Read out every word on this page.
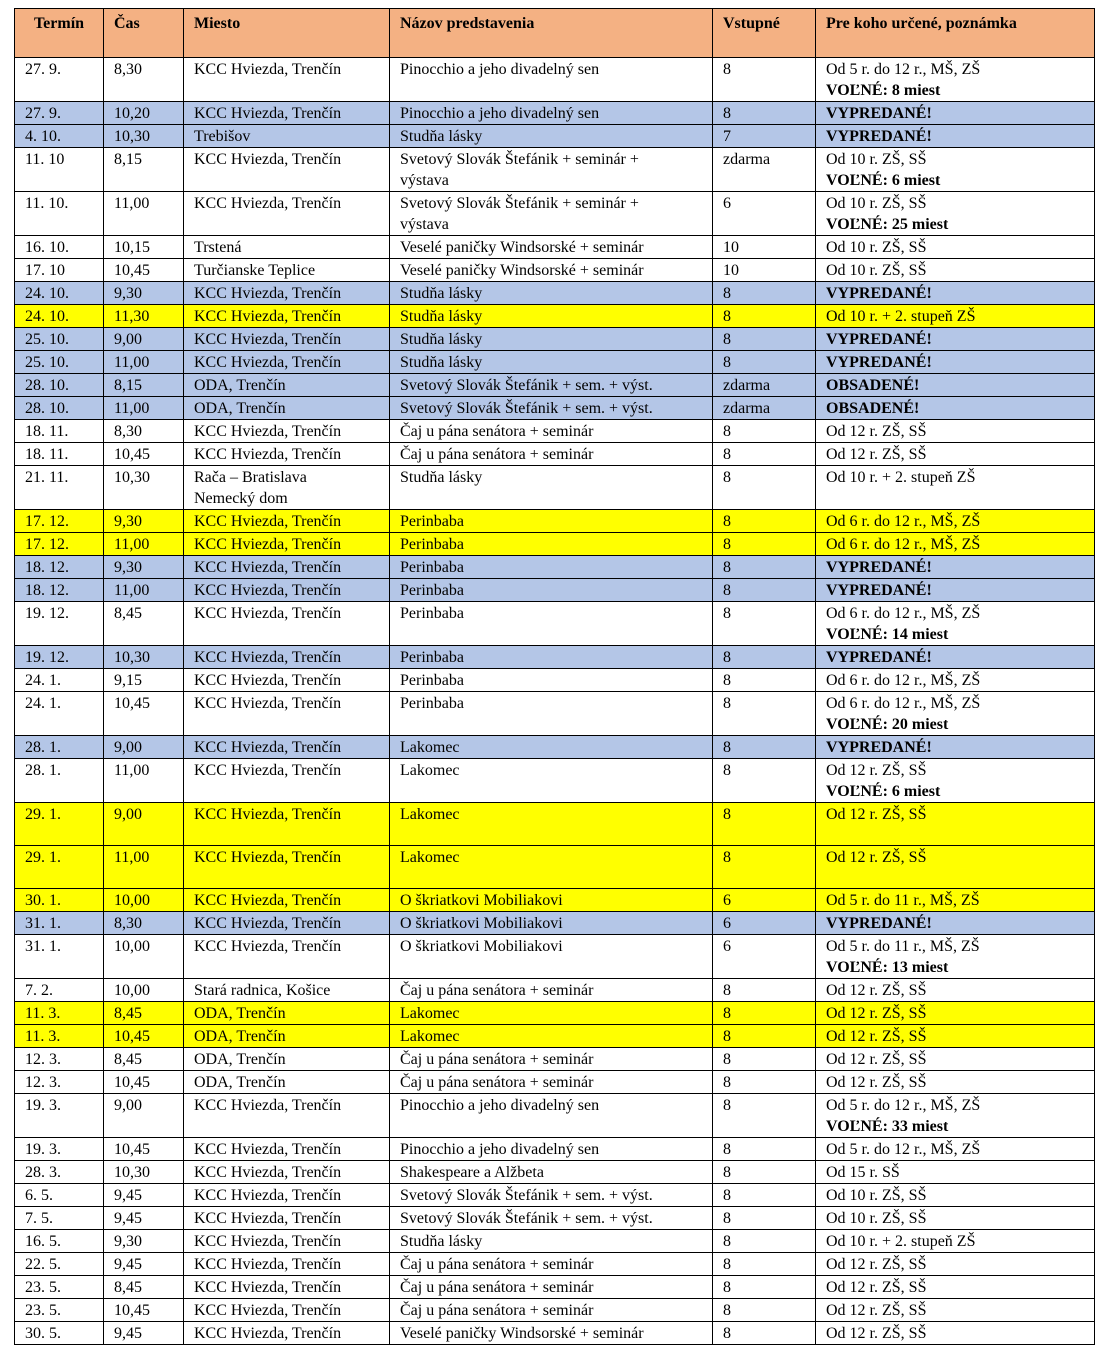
Termín	Čas	Miesto	Názov predstavenia	Vstupné	Pre koho určené, poznámka

27. 9.	8,30	KCC Hviezda, Trenčín	Pinocchio a jeho divadelný sen	8	Od 5 r. do 12 r., MŠ, ZŠ
VOĽNÉ: 8 miest

27. 9.	10,20	KCC Hviezda, Trenčín	Pinocchio a jeho divadelný sen	8	VYPREDANÉ!

4. 10.	10,30	Trebišov	Studňa lásky	7	VYPREDANÉ!

11. 10	8,15	KCC Hviezda, Trenčín	Svetový Slovák Štefánik + seminár +
výstava	zdarma	Od 10 r. ZŠ, SŠ
VOĽNÉ: 6 miest

11. 10.	11,00	KCC Hviezda, Trenčín	Svetový Slovák Štefánik + seminár +
výstava	6	Od 10 r. ZŠ, SŠ
VOĽNÉ: 25 miest

16. 10.	10,15	Trstená	Veselé paničky Windsorské + seminár	10	Od 10 r. ZŠ, SŠ

17. 10	10,45	Turčianske Teplice	Veselé paničky Windsorské + seminár	10	Od 10 r. ZŠ, SŠ

24. 10.	9,30	KCC Hviezda, Trenčín	Studňa lásky	8	VYPREDANÉ!

24. 10.	11,30	KCC Hviezda, Trenčín	Studňa lásky	8	Od 10 r. + 2. stupeň ZŠ

25. 10.	9,00	KCC Hviezda, Trenčín	Studňa lásky	8	VYPREDANÉ!

25. 10.	11,00	KCC Hviezda, Trenčín	Studňa lásky	8	VYPREDANÉ!

28. 10.	8,15	ODA, Trenčín	Svetový Slovák Štefánik + sem. + výst.	zdarma	OBSADENÉ!

28. 10.	11,00	ODA, Trenčín	Svetový Slovák Štefánik + sem. + výst.	zdarma	OBSADENÉ!

18. 11.	8,30	KCC Hviezda, Trenčín	Čaj u pána senátora + seminár	8	Od 12 r. ZŠ, SŠ

18. 11.	10,45	KCC Hviezda, Trenčín	Čaj u pána senátora + seminár	8	Od 12 r. ZŠ, SŠ

21. 11.	10,30	Rača – Bratislava
Nemecký dom	Studňa lásky	8	Od 10 r. + 2. stupeň ZŠ

17. 12.	9,30	KCC Hviezda, Trenčín	Perinbaba	8	Od 6 r. do 12 r., MŠ, ZŠ

17. 12.	11,00	KCC Hviezda, Trenčín	Perinbaba	8	Od 6 r. do 12 r., MŠ, ZŠ

18. 12.	9,30	KCC Hviezda, Trenčín	Perinbaba	8	VYPREDANÉ!

18. 12.	11,00	KCC Hviezda, Trenčín	Perinbaba	8	VYPREDANÉ!

19. 12.	8,45	KCC Hviezda, Trenčín	Perinbaba	8	Od 6 r. do 12 r., MŠ, ZŠ
VOĽNÉ: 14 miest

19. 12.	10,30	KCC Hviezda, Trenčín	Perinbaba	8	VYPREDANÉ!

24. 1.	9,15	KCC Hviezda, Trenčín	Perinbaba	8	Od 6 r. do 12 r., MŠ, ZŠ

24. 1.	10,45	KCC Hviezda, Trenčín	Perinbaba	8	Od 6 r. do 12 r., MŠ, ZŠ
VOĽNÉ: 20 miest

28. 1.	9,00	KCC Hviezda, Trenčín	Lakomec	8	VYPREDANÉ!

28. 1.	11,00	KCC Hviezda, Trenčín	Lakomec	8	Od 12 r. ZŠ, SŠ
VOĽNÉ: 6 miest

29. 1.	9,00	KCC Hviezda, Trenčín	Lakomec	8	Od 12 r. ZŠ, SŠ

29. 1.	11,00	KCC Hviezda, Trenčín	Lakomec	8	Od 12 r. ZŠ, SŠ

30. 1.	10,00	KCC Hviezda, Trenčín	O škriatkovi Mobiliakovi	6	Od 5 r. do 11 r., MŠ, ZŠ

31. 1.	8,30	KCC Hviezda, Trenčín	O škriatkovi Mobiliakovi	6	VYPREDANÉ!

31. 1.	10,00	KCC Hviezda, Trenčín	O škriatkovi Mobiliakovi	6	Od 5 r. do 11 r., MŠ, ZŠ
VOĽNÉ: 13 miest

7. 2.	10,00	Stará radnica, Košice	Čaj u pána senátora + seminár	8	Od 12 r. ZŠ, SŠ

11. 3.	8,45	ODA, Trenčín	Lakomec	8	Od 12 r. ZŠ, SŠ

11. 3.	10,45	ODA, Trenčín	Lakomec	8	Od 12 r. ZŠ, SŠ

12. 3.	8,45	ODA, Trenčín	Čaj u pána senátora + seminár	8	Od 12 r. ZŠ, SŠ

12. 3.	10,45	ODA, Trenčín	Čaj u pána senátora + seminár	8	Od 12 r. ZŠ, SŠ

19. 3.	9,00	KCC Hviezda, Trenčín	Pinocchio a jeho divadelný sen	8	Od 5 r. do 12 r., MŠ, ZŠ
VOĽNÉ: 33 miest

19. 3.	10,45	KCC Hviezda, Trenčín	Pinocchio a jeho divadelný sen	8	Od 5 r. do 12 r., MŠ, ZŠ

28. 3.	10,30	KCC Hviezda, Trenčín	Shakespeare a Alžbeta	8	Od 15 r. SŠ

6. 5.	9,45	KCC Hviezda, Trenčín	Svetový Slovák Štefánik + sem. + výst.	8	Od 10 r. ZŠ, SŠ

7. 5.	9,45	KCC Hviezda, Trenčín	Svetový Slovák Štefánik + sem. + výst.	8	Od 10 r. ZŠ, SŠ

16. 5.	9,30	KCC Hviezda, Trenčín	Studňa lásky	8	Od 10 r. + 2. stupeň ZŠ

22. 5.	9,45	KCC Hviezda, Trenčín	Čaj u pána senátora + seminár	8	Od 12 r. ZŠ, SŠ

23. 5.	8,45	KCC Hviezda, Trenčín	Čaj u pána senátora + seminár	8	Od 12 r. ZŠ, SŠ

23. 5.	10,45	KCC Hviezda, Trenčín	Čaj u pána senátora + seminár	8	Od 12 r. ZŠ, SŠ

30. 5.	9,45	KCC Hviezda, Trenčín	Veselé paničky Windsorské + seminár	8	Od 12 r. ZŠ, SŠ
